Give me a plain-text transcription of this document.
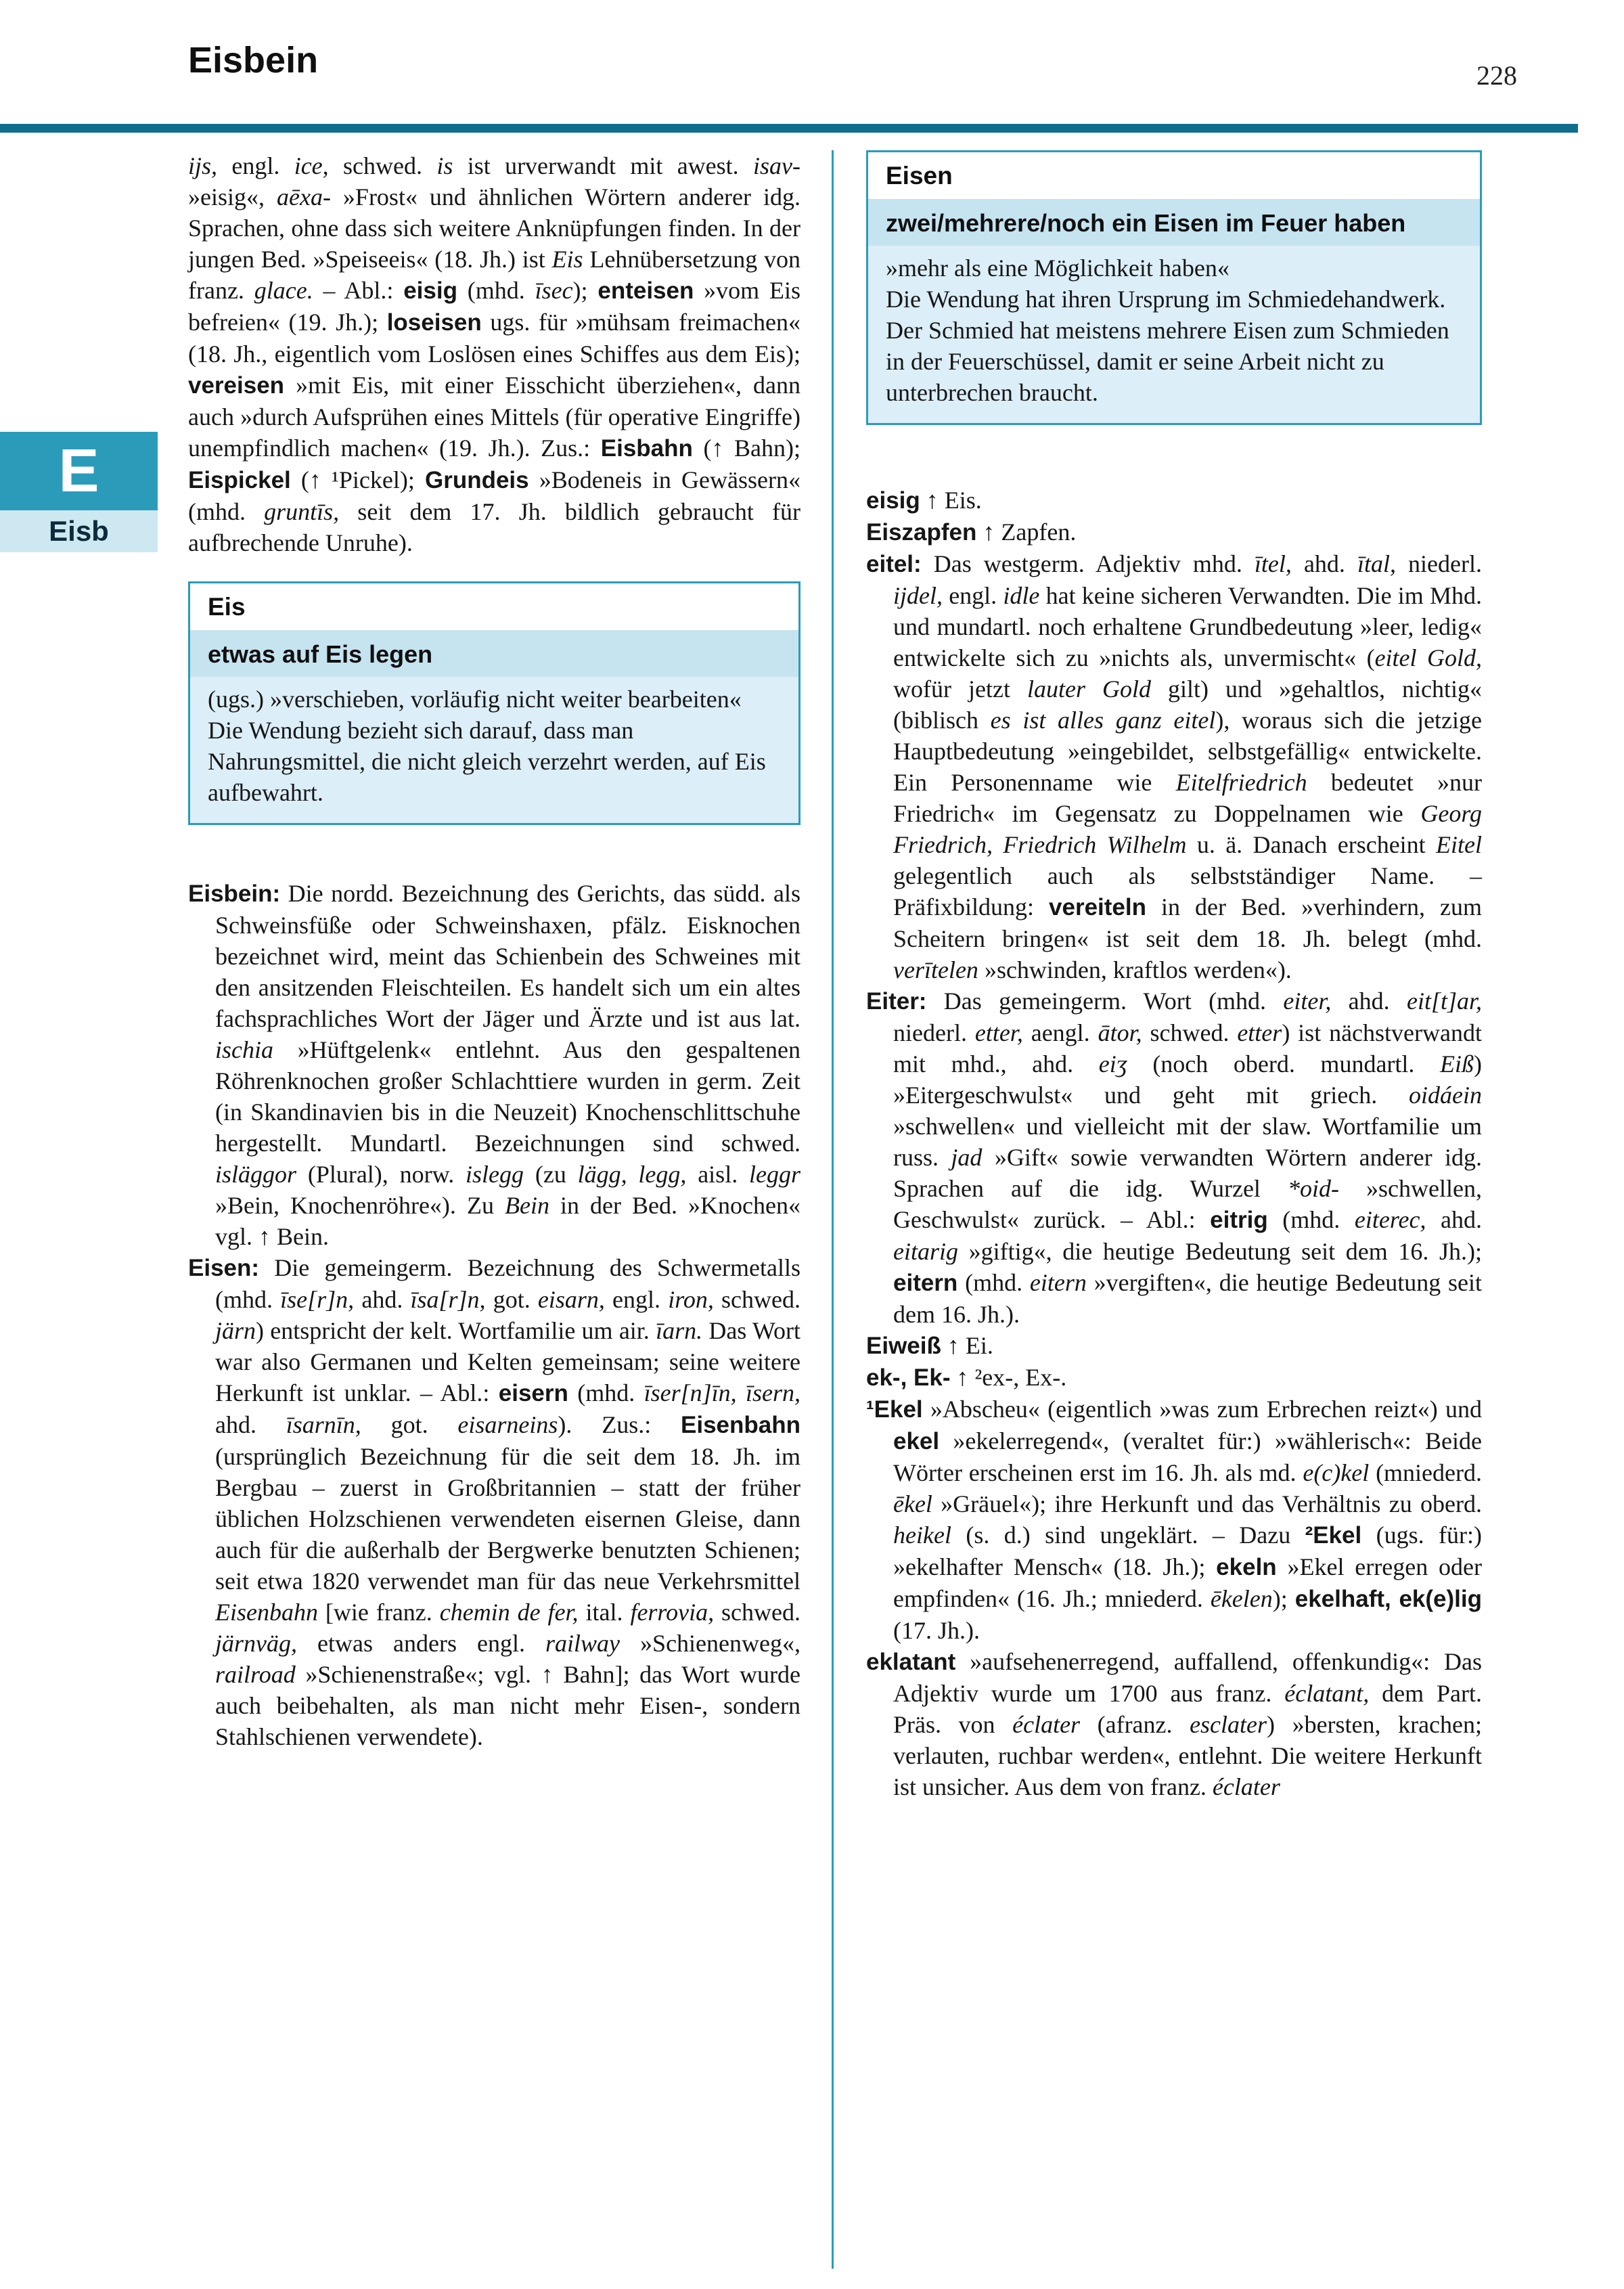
Eisbein	228
E
Eisb

ijs, engl. ice, schwed. is ist urverwandt mit awest. isav- »eisig«, aēxa- »Frost« und ähnlichen Wörtern anderer idg. Sprachen, ohne dass sich weitere Anknüpfungen finden. In der jungen Bed. »Speiseeis« (18. Jh.) ist Eis Lehnübersetzung von franz. glace. – Abl.: eisig (mhd. īsec); enteisen »vom Eis befreien« (19. Jh.); loseisen ugs. für »mühsam freimachen« (18. Jh., eigentlich vom Loslösen eines Schiffes aus dem Eis); vereisen »mit Eis, mit einer Eisschicht überziehen«, dann auch »durch Aufsprühen eines Mittels (für operative Eingriffe) unempfindlich machen« (19. Jh.). Zus.: Eisbahn (↑ Bahn); Eispickel (↑ ¹Pickel); Grundeis »Bodeneis in Gewässern« (mhd. gruntīs, seit dem 17. Jh. bildlich gebraucht für aufbrechende Unruhe).

Eis
etwas auf Eis legen

(ugs.) »verschieben, vorläufig nicht weiter bearbeiten«

Die Wendung bezieht sich darauf, dass man Nahrungsmittel, die nicht gleich verzehrt werden, auf Eis aufbewahrt.

Eisbein: Die nordd. Bezeichnung des Gerichts, das südd. als Schweinsfüße oder Schweinshaxen, pfälz. Eisknochen bezeichnet wird, meint das Schienbein des Schweines mit den ansitzenden Fleischteilen. Es handelt sich um ein altes fachsprachliches Wort der Jäger und Ärzte und ist aus lat. ischia »Hüftgelenk« entlehnt. Aus den gespaltenen Röhrenknochen großer Schlachttiere wurden in germ. Zeit (in Skandinavien bis in die Neuzeit) Knochenschlittschuhe hergestellt. Mundartl. Bezeichnungen sind schwed. isläggor (Plural), norw. islegg (zu lägg, legg, aisl. leggr »Bein, Knochenröhre«). Zu Bein in der Bed. »Knochen« vgl. ↑ Bein.

Eisen: Die gemeingerm. Bezeichnung des Schwermetalls (mhd. īse[r]n, ahd. īsa[r]n, got. eisarn, engl. iron, schwed. järn) entspricht der kelt. Wortfamilie um air. īarn. Das Wort war also Germanen und Kelten gemeinsam; seine weitere Herkunft ist unklar. – Abl.: eisern (mhd. īser[n]īn, īsern, ahd. īsarnīn, got. eisarneins). Zus.: Eisenbahn (ursprünglich Bezeichnung für die seit dem 18. Jh. im Bergbau – zuerst in Großbritannien – statt der früher üblichen Holzschienen verwendeten eisernen Gleise, dann auch für die außerhalb der Bergwerke benutzten Schienen; seit etwa 1820 verwendet man für das neue Verkehrsmittel Eisenbahn [wie franz. chemin de fer, ital. ferrovia, schwed. järnväg, etwas anders engl. railway »Schienenweg«, railroad »Schienenstraße«; vgl. ↑ Bahn]; das Wort wurde auch beibehalten, als man nicht mehr Eisen-, sondern Stahlschienen verwendete).

Eisen
zwei/mehrere/noch ein Eisen im Feuer haben

»mehr als eine Möglichkeit haben«

Die Wendung hat ihren Ursprung im Schmiedehandwerk. Der Schmied hat meistens mehrere Eisen zum Schmieden in der Feuerschüssel, damit er seine Arbeit nicht zu unterbrechen braucht.

eisig ↑ Eis.

Eiszapfen ↑ Zapfen.

eitel: Das westgerm. Adjektiv mhd. ītel, ahd. ītal, niederl. ijdel, engl. idle hat keine sicheren Verwandten. Die im Mhd. und mundartl. noch erhaltene Grundbedeutung »leer, ledig« entwickelte sich zu »nichts als, unvermischt« (eitel Gold, wofür jetzt lauter Gold gilt) und »gehaltlos, nichtig« (biblisch es ist alles ganz eitel), woraus sich die jetzige Hauptbedeutung »eingebildet, selbstgefällig« entwickelte. Ein Personenname wie Eitelfriedrich bedeutet »nur Friedrich« im Gegensatz zu Doppelnamen wie Georg Friedrich, Friedrich Wilhelm u. ä. Danach erscheint Eitel gelegentlich auch als selbstständiger Name. – Präfixbildung: vereiteln in der Bed. »verhindern, zum Scheitern bringen« ist seit dem 18. Jh. belegt (mhd. verītelen »schwinden, kraftlos werden«).

Eiter: Das gemeingerm. Wort (mhd. eiter, ahd. eit[t]ar, niederl. etter, aengl. ātor, schwed. etter) ist nächstverwandt mit mhd., ahd. eiʒ (noch oberd. mundartl. Eiß) »Eitergeschwulst« und geht mit griech. oidáein »schwellen« und vielleicht mit der slaw. Wortfamilie um russ. jad »Gift« sowie verwandten Wörtern anderer idg. Sprachen auf die idg. Wurzel *oid- »schwellen, Geschwulst« zurück. – Abl.: eitrig (mhd. eiterec, ahd. eitarig »giftig«, die heutige Bedeutung seit dem 16. Jh.); eitern (mhd. eitern »vergiften«, die heutige Bedeutung seit dem 16. Jh.).

Eiweiß ↑ Ei.

ek-, Ek- ↑ ²ex-, Ex-.

¹Ekel »Abscheu« (eigentlich »was zum Erbrechen reizt«) und ekel »ekelerregend«, (veraltet für:) »wählerisch«: Beide Wörter erscheinen erst im 16. Jh. als md. e(c)kel (mniederd. ēkel »Gräuel«); ihre Herkunft und das Verhältnis zu oberd. heikel (s. d.) sind ungeklärt. – Dazu ²Ekel (ugs. für:) »ekelhafter Mensch« (18. Jh.); ekeln »Ekel erregen oder empfinden« (16. Jh.; mniederd. ēkelen); ekelhaft, ek(e)lig (17. Jh.).

eklatant »aufsehenerregend, auffallend, offenkundig«: Das Adjektiv wurde um 1700 aus franz. éclatant, dem Part. Präs. von éclater (afranz. esclater) »bersten, krachen; verlauten, ruchbar werden«, entlehnt. Die weitere Herkunft ist unsicher. Aus dem von franz. éclater
